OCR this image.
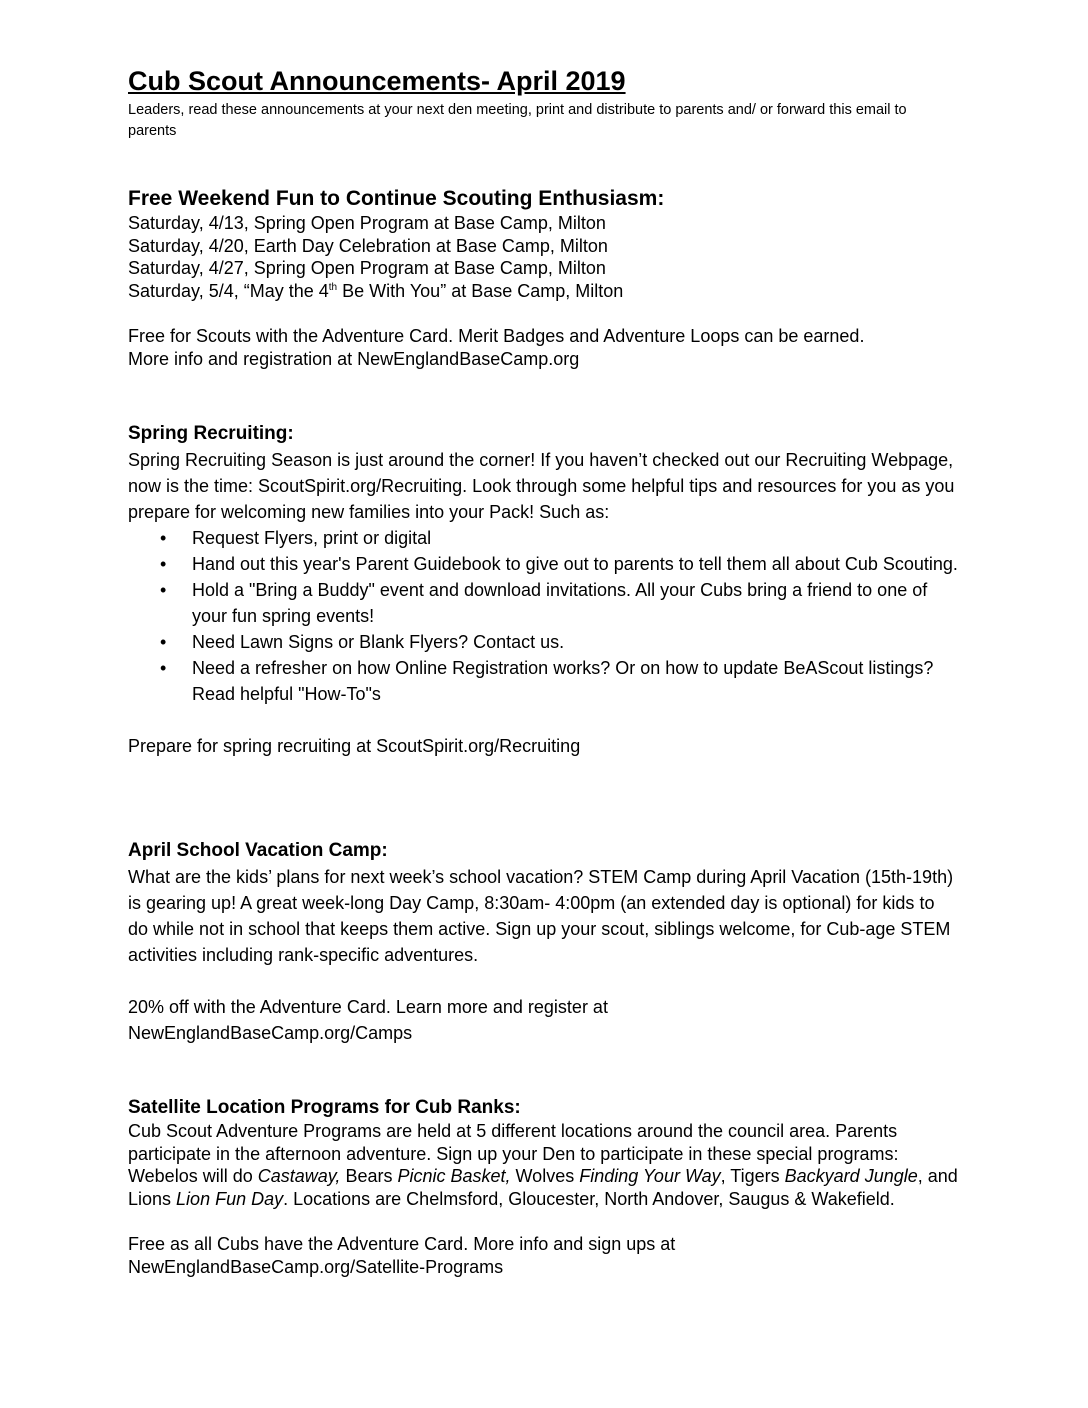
Cub Scout Announcements- April 2019
Leaders, read these announcements at your next den meeting, print and distribute to parents and/ or forward this email to parents
Free Weekend Fun to Continue Scouting Enthusiasm:

Saturday, 4/13, Spring Open Program at Base Camp, Milton

Saturday, 4/20, Earth Day Celebration at Base Camp, Milton

Saturday, 4/27, Spring Open Program at Base Camp, Milton

Saturday, 5/4, “May the 4th Be With You” at Base Camp, Milton

Free for Scouts with the Adventure Card. Merit Badges and Adventure Loops can be earned.

More info and registration at NewEnglandBaseCamp.org

Spring Recruiting:

Spring Recruiting Season is just around the corner! If you haven’t checked out our Recruiting Webpage, now is the time: ScoutSpirit.org/Recruiting. Look through some helpful tips and resources for you as you prepare for welcoming new families into your Pack! Such as:

• Request Flyers, print or digital
• Hand out this year's Parent Guidebook to give out to parents to tell them all about Cub Scouting.
• Hold a "Bring a Buddy" event and download invitations. All your Cubs bring a friend to one of your fun spring events!
• Need Lawn Signs or Blank Flyers? Contact us.
• Need a refresher on how Online Registration works? Or on how to update BeAScout listings? Read helpful "How-To"s

Prepare for spring recruiting at ScoutSpirit.org/Recruiting

April School Vacation Camp:

What are the kids’ plans for next week’s school vacation? STEM Camp during April Vacation (15th-19th) is gearing up! A great week-long Day Camp, 8:30am- 4:00pm (an extended day is optional) for kids to do while not in school that keeps them active. Sign up your scout, siblings welcome, for Cub-age STEM activities including rank-specific adventures.

20% off with the Adventure Card. Learn more and register at NewEnglandBaseCamp.org/Camps

Satellite Location Programs for Cub Ranks:

Cub Scout Adventure Programs are held at 5 different locations around the council area. Parents participate in the afternoon adventure. Sign up your Den to participate in these special programs: Webelos will do Castaway, Bears Picnic Basket, Wolves Finding Your Way, Tigers Backyard Jungle, and Lions Lion Fun Day. Locations are Chelmsford, Gloucester, North Andover, Saugus & Wakefield.

Free as all Cubs have the Adventure Card. More info and sign ups at

NewEnglandBaseCamp.org/Satellite-Programs
